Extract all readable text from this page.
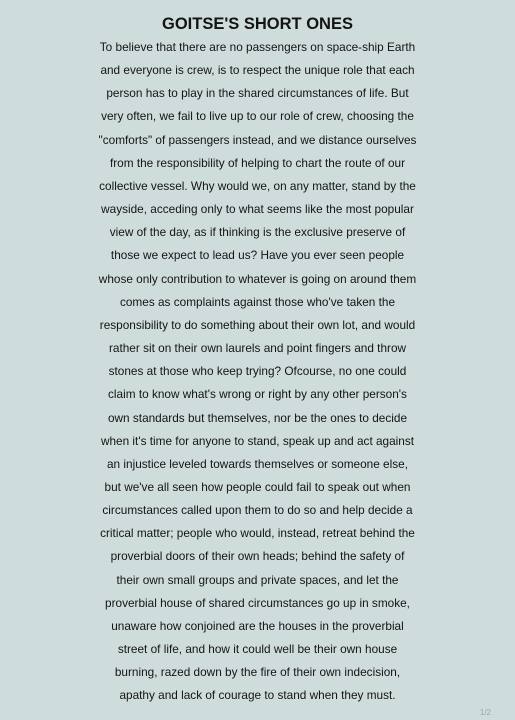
GOITSE'S SHORT ONES
To believe that there are no passengers on space-ship Earth
and everyone is crew, is to respect the unique role that each
person has to play in the shared circumstances of life. But
very often, we fail to live up to our role of crew, choosing the
"comforts" of passengers instead, and we distance ourselves
from the responsibility of helping to chart the route of our
collective vessel. Why would we, on any matter, stand by the
wayside, acceding only to what seems like the most popular
view of the day, as if thinking is the exclusive preserve of
those we expect to lead us? Have you ever seen people
whose only contribution to whatever is going on around them
comes as complaints against those who've taken the
responsibility to do something about their own lot, and would
rather sit on their own laurels and point fingers and throw
stones at those who keep trying? Ofcourse, no one could
claim to know what's wrong or right by any other person's
own standards but themselves, nor be the ones to decide
when it's time for anyone to stand, speak up and act against
an injustice leveled towards themselves or someone else,
but we've all seen how people could fail to speak out when
circumstances called upon them to do so and help decide a
critical matter; people who would, instead, retreat behind the
proverbial doors of their own heads; behind the safety of
their own small groups and private spaces, and let the
proverbial house of shared circumstances go up in smoke,
unaware how conjoined are the houses in the proverbial
street of life, and how it could well be their own house
burning, razed down by the fire of their own indecision,
apathy and lack of courage to stand when they must.
1/2
